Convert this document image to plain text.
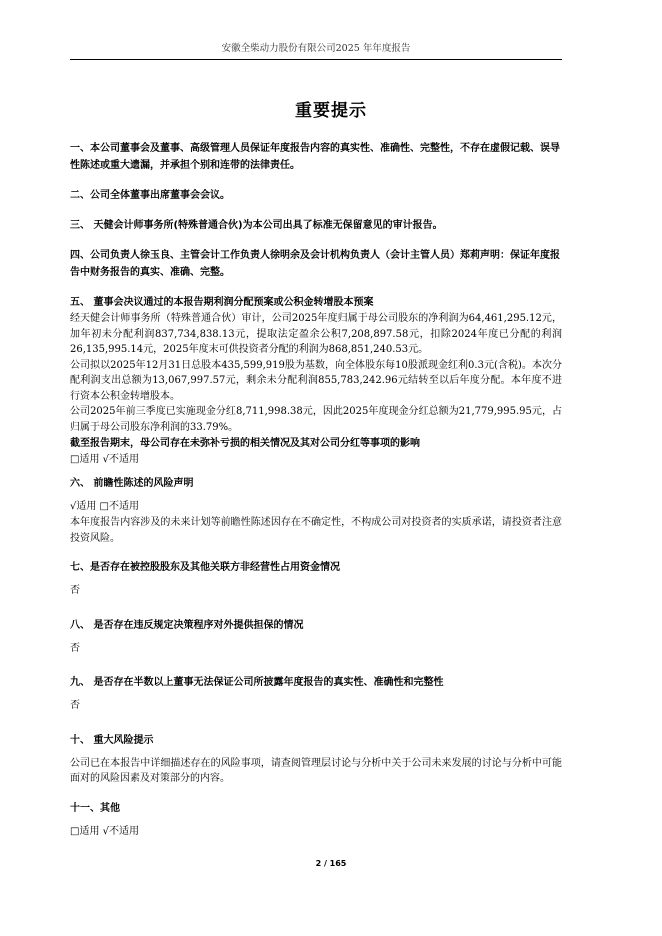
安徽全柴动力股份有限公司2025 年年度报告
重要提示

一、本公司董事会及董事、高级管理人员保证年度报告内容的真实性、准确性、完整性，不存在虚假记载、误导性陈述或重大遗漏，并承担个别和连带的法律责任。

二、公司全体董事出席董事会会议。

三、 天健会计师事务所(特殊普通合伙)为本公司出具了标准无保留意见的审计报告。

四、公司负责人徐玉良、主管会计工作负责人徐明余及会计机构负责人（会计主管人员）郑莉声明：保证年度报告中财务报告的真实、准确、完整。

五、 董事会决议通过的本报告期利润分配预案或公积金转增股本预案

经天健会计师事务所（特殊普通合伙）审计，公司2025年度归属于母公司股东的净利润为64,461,295.12元，加年初未分配利润837,734,838.13元，提取法定盈余公积7,208,897.58元，扣除2024年度已分配的利润26,135,995.14元，2025年度末可供投资者分配的利润为868,851,240.53元。

公司拟以2025年12月31日总股本435,599,919股为基数，向全体股东每10股派现金红利0.3元(含税)。本次分配利润支出总额为13,067,997.57元，剩余未分配利润855,783,242.96元结转至以后年度分配。本年度不进行资本公积金转增股本。

公司2025年前三季度已实施现金分红8,711,998.38元，因此2025年度现金分红总额为21,779,995.95元，占归属于母公司股东净利润的33.79%。

截至报告期末，母公司存在未弥补亏损的相关情况及其对公司分红等事项的影响

□适用 √不适用

六、 前瞻性陈述的风险声明

√适用 □不适用

本年度报告内容涉及的未来计划等前瞻性陈述因存在不确定性，不构成公司对投资者的实质承诺，请投资者注意投资风险。

七、是否存在被控股股东及其他关联方非经营性占用资金情况

否

八、 是否存在违反规定决策程序对外提供担保的情况

否

九、 是否存在半数以上董事无法保证公司所披露年度报告的真实性、准确性和完整性

否

十、 重大风险提示

公司已在本报告中详细描述存在的风险事项，请查阅管理层讨论与分析中关于公司未来发展的讨论与分析中可能面对的风险因素及对策部分的内容。

十一、其他

□适用 √不适用
2 / 165
